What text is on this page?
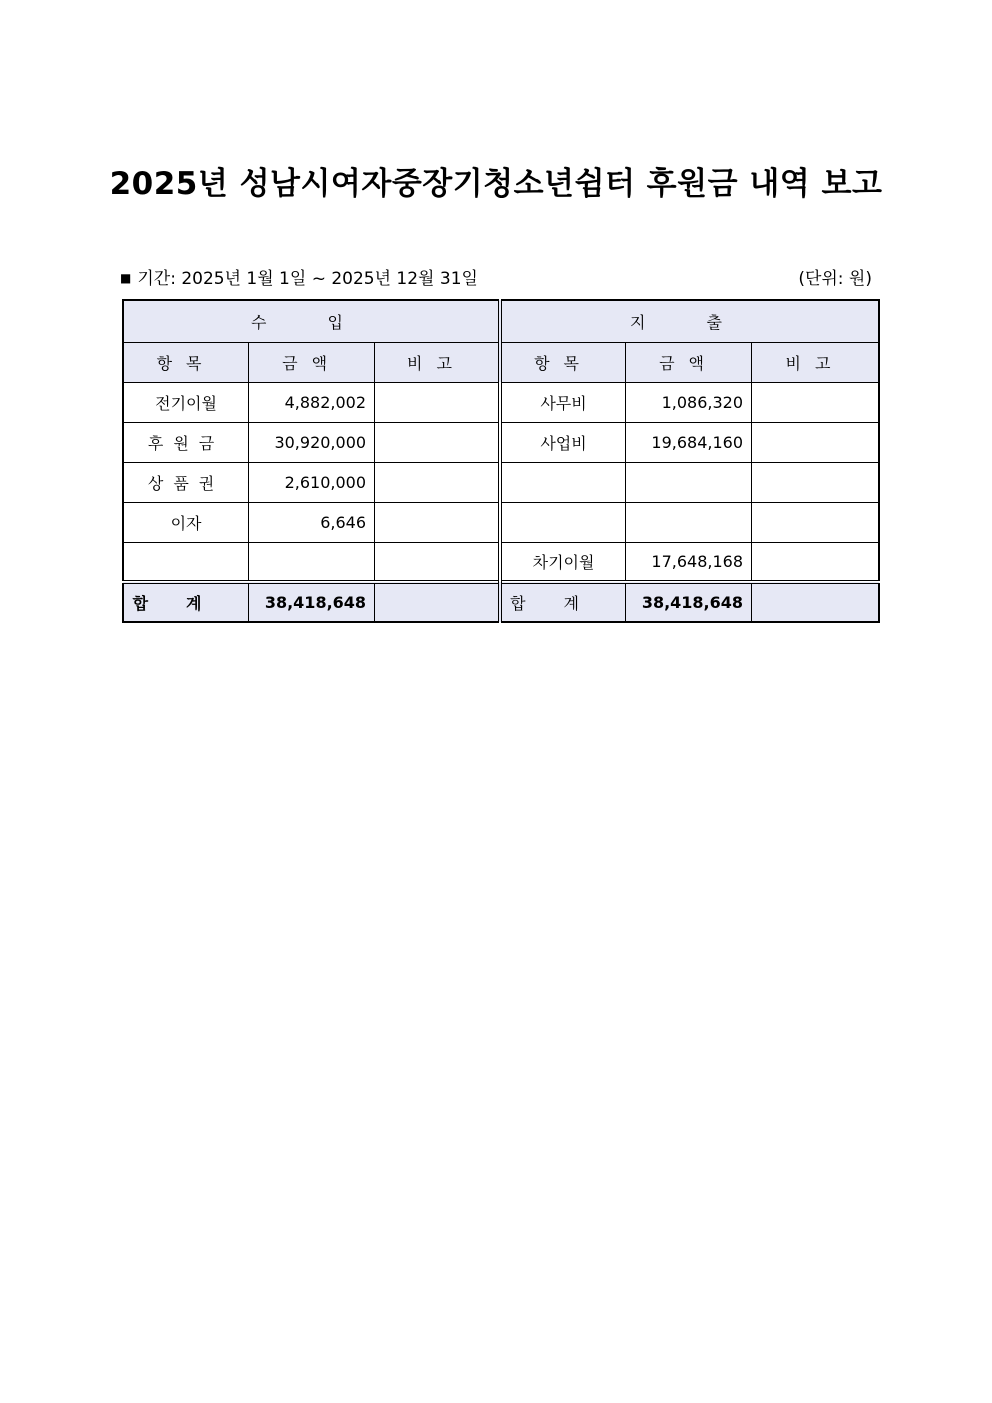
2025년 성남시여자중장기청소년쉼터 후원금 내역 보고
■ 기간: 2025년 1월 1일 ~ 2025년 12월 31일	(단위: 원)
수 입			지 출		
항목	금액	비고	항목	금액	비고
전기이월	4,882,002		사무비	1,086,320	
후원금	30,920,000		사업비	19,684,160	
상품권	2,610,000				
이자	6,646				
			차기이월	17,648,168	
합계	38,418,648		합계	38,418,648	
